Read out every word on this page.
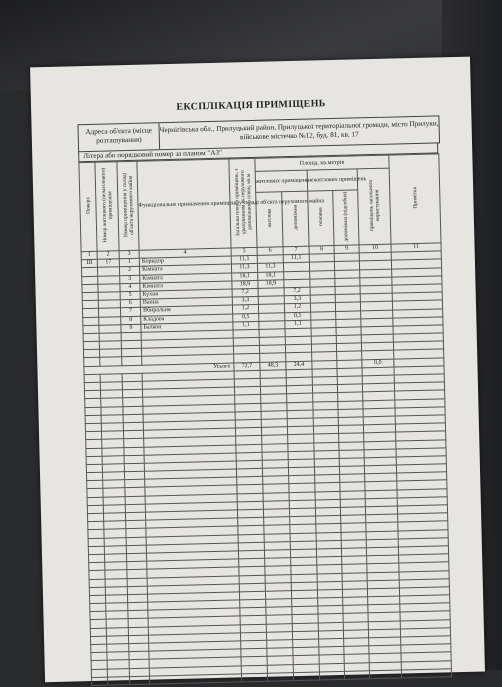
ЕКСПЛІКАЦІЯ ПРИМІЩЕНЬ
Адреса об'єкта (місце розташування)
Чернігівська обл., Прилуцький район, Прилуцької територіальної громади, місто Прилуки, військове містечко №12, буд. 81, кв. 17
Літера або порядковий номер за планом "А3"
Поверх	Номер житлового (нежитлового) приміщення	Номер приміщення у складі об'єкта нерухомого майна	Функціональне призначення приміщень у складі об'єкта нерухомого майна	Загальна площа приміщень, з урахуванням як нерухомого допоміжного площ, кв.м	Площа, кв.метрів					Примітка
					житлових приміщень		нежитлових приміщень		приміщень загального користування	
					житлова	допоміжна	основна	допоміжна (підсобна)		
1	2	3	4	5	6	7	8	9	10	11
III	17	1	Коридор	11,1		11,1				
		2	Кімната	11,3	11,3					
		3	Кімната	18,1	18,1					
		4	Кімната	18,9	18,9					
		5	Кухня	7,2		7,2				
		6	Ванна	3,3		3,3				
		7	Вбиральня	1,2		1,2				
		8	Кладова	0,5		0,5				
		9	Балкон	1,1		1,1				

Усього				72,7	48,3	24,4			0,0	
